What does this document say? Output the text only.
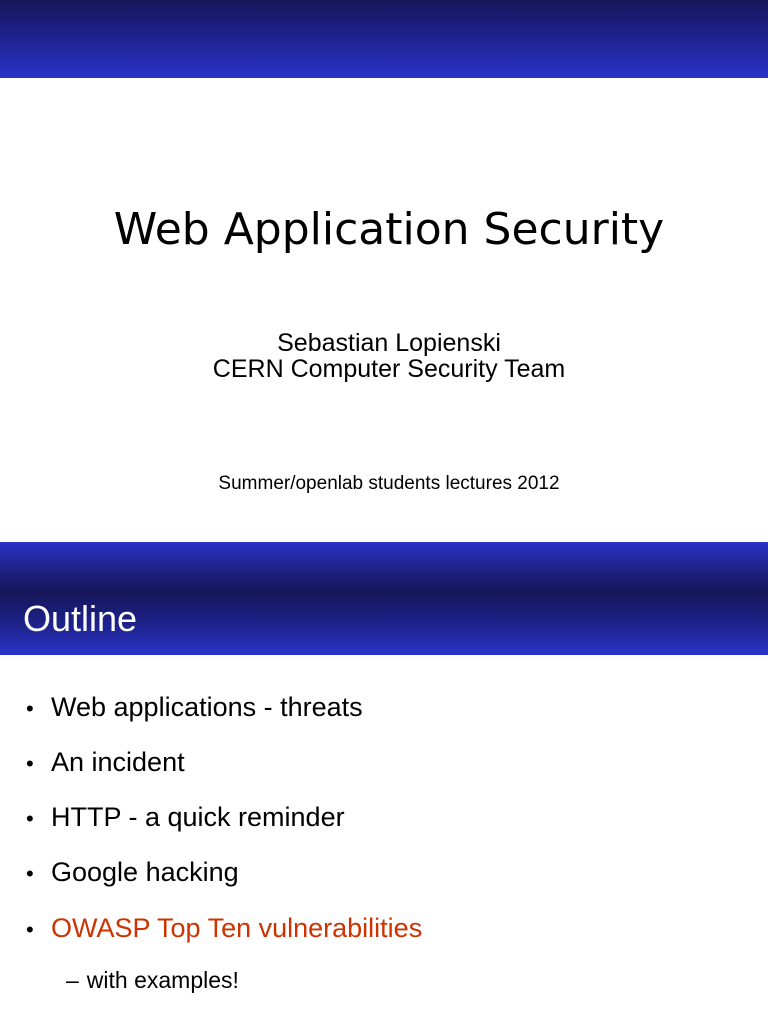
Web Application Security
Sebastian Lopienski
CERN Computer Security Team
Summer/openlab students lectures 2012
Outline
• Web applications - threats
• An incident
• HTTP - a quick reminder
• Google hacking
• OWASP Top Ten vulnerabilities
– with examples!
